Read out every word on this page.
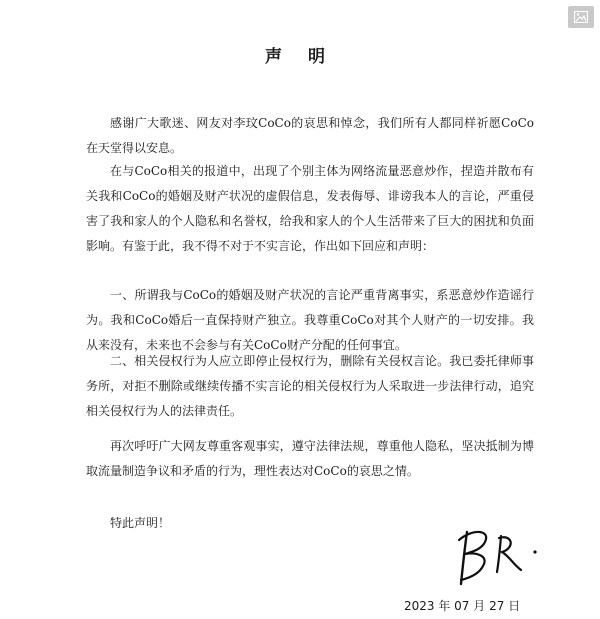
声 明

感谢广大歌迷、网友对李玟CoCo的哀思和悼念，我们所有人都同样祈愿CoCo在天堂得以安息。

在与CoCo相关的报道中，出现了个别主体为网络流量恶意炒作，捏造并散布有关我和CoCo的婚姻及财产状况的虚假信息，发表侮辱、诽谤我本人的言论，严重侵害了我和家人的个人隐私和名誉权，给我和家人的个人生活带来了巨大的困扰和负面影响。有鉴于此，我不得不对于不实言论，作出如下回应和声明：

一、所谓我与CoCo的婚姻及财产状况的言论严重背离事实，系恶意炒作造谣行为。我和CoCo婚后一直保持财产独立。我尊重CoCo对其个人财产的一切安排。我从来没有，未来也不会参与有关CoCo财产分配的任何事宜。

二、相关侵权行为人应立即停止侵权行为，删除有关侵权言论。我已委托律师事务所，对拒不删除或继续传播不实言论的相关侵权行为人采取进一步法律行动，追究相关侵权行为人的法律责任。

再次呼吁广大网友尊重客观事实，遵守法律法规，尊重他人隐私，坚决抵制为博取流量制造争议和矛盾的行为，理性表达对CoCo的哀思之情。

特此声明！

2023 年 07 月 27 日
